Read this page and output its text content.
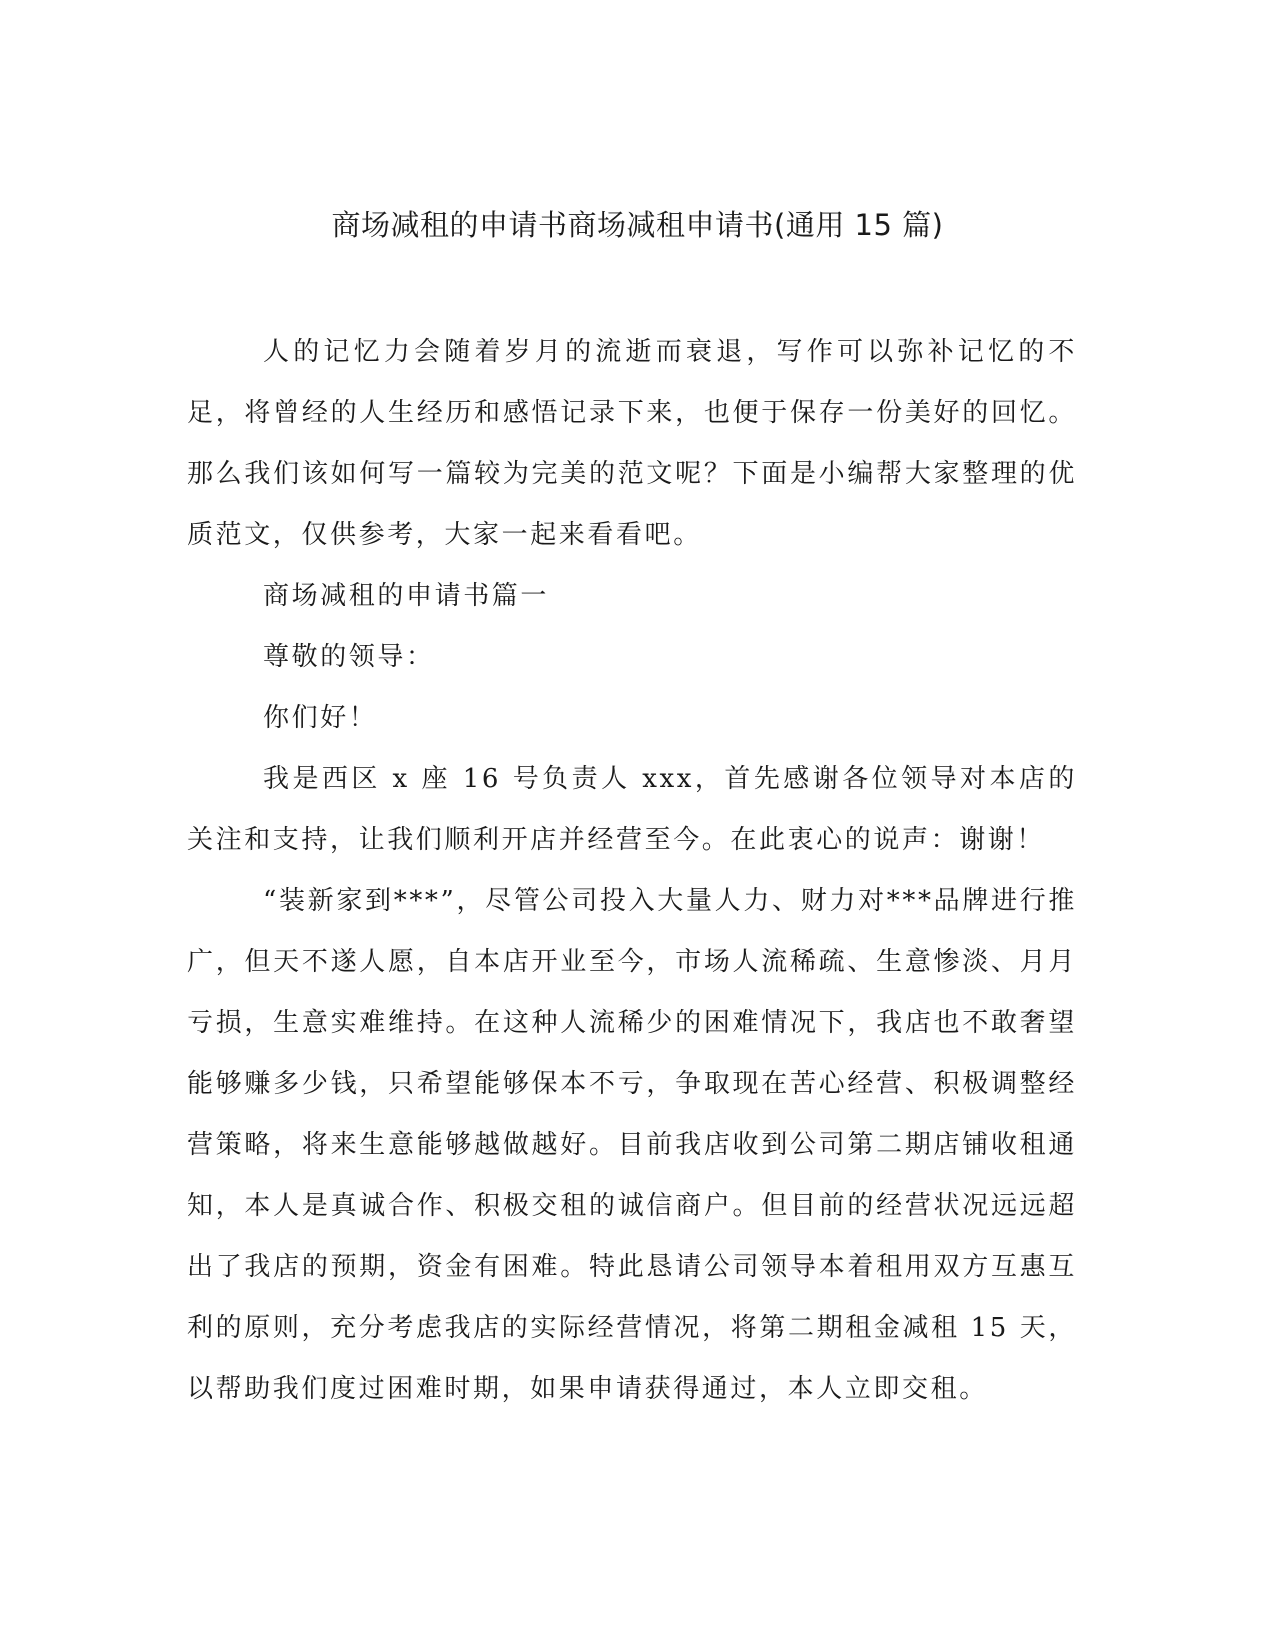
商场减租的申请书商场减租申请书(通用 15 篇)

人的记忆力会随着岁月的流逝而衰退，写作可以弥补记忆的不足，将曾经的人生经历和感悟记录下来，也便于保存一份美好的回忆。那么我们该如何写一篇较为完美的范文呢？下面是小编帮大家整理的优质范文，仅供参考，大家一起来看看吧。

商场减租的申请书篇一

尊敬的领导：

你们好！

我是西区 x 座 16 号负责人 xxx，首先感谢各位领导对本店的关注和支持，让我们顺利开店并经营至今。在此衷心的说声：谢谢！

“装新家到***”，尽管公司投入大量人力、财力对***品牌进行推广，但天不遂人愿，自本店开业至今，市场人流稀疏、生意惨淡、月月亏损，生意实难维持。在这种人流稀少的困难情况下，我店也不敢奢望能够赚多少钱，只希望能够保本不亏，争取现在苦心经营、积极调整经营策略，将来生意能够越做越好。目前我店收到公司第二期店铺收租通知，本人是真诚合作、积极交租的诚信商户。但目前的经营状况远远超出了我店的预期，资金有困难。特此恳请公司领导本着租用双方互惠互利的原则，充分考虑我店的实际经营情况，将第二期租金减租 15 天，以帮助我们度过困难时期，如果申请获得通过，本人立即交租。
